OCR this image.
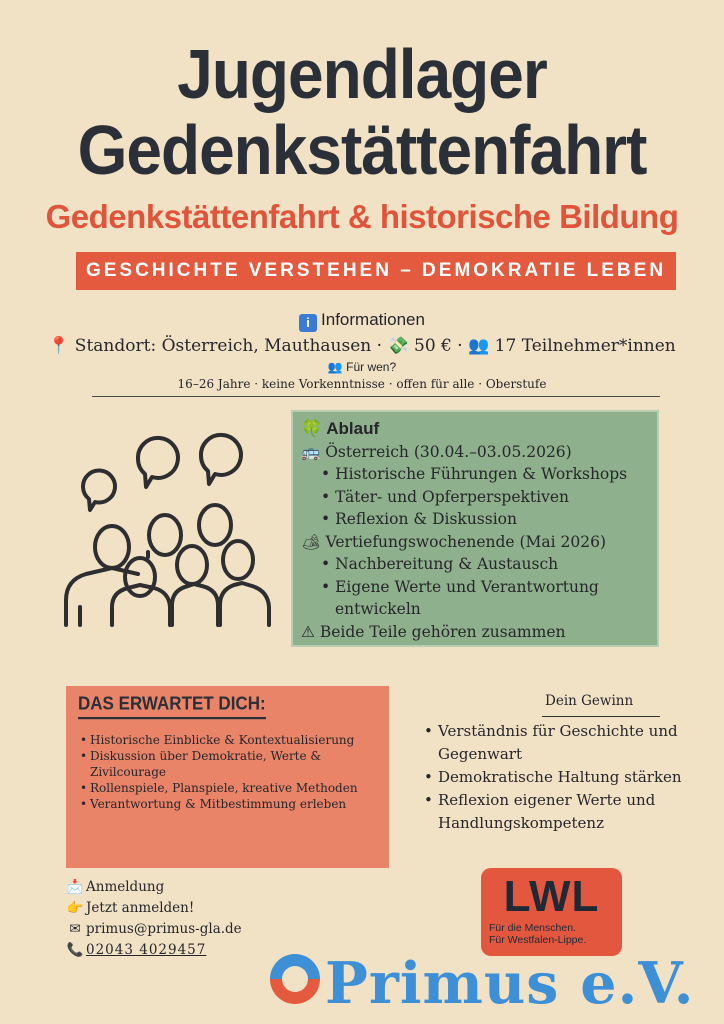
Jugendlager
Gedenkstättenfahrt
Gedenkstättenfahrt & historische Bildung
GESCHICHTE VERSTEHEN – DEMOKRATIE LEBEN
i Informationen
📍 Standort: Österreich, Mauthausen · 💸 50 € · 👥 17 Teilnehmer*innen
👥 Für wen?
16–26 Jahre · keine Vorkenntnisse · offen für alle · Oberstufe
🍀 Ablauf
🚌 Österreich (30.04.–03.05.2026)
• Historische Führungen & Workshops
• Täter- und Opferperspektiven
• Reflexion & Diskussion
🏕 Vertiefungswochenende (Mai 2026)
• Nachbereitung & Austausch
• Eigene Werte und Verantwortung
entwickeln
⚠ Beide Teile gehören zusammen
DAS ERWARTET DICH:
• Historische Einblicke & Kontextualisierung
• Diskussion über Demokratie, Werte & Zivilcourage
• Rollenspiele, Planspiele, kreative Methoden
• Verantwortung & Mitbestimmung erleben
Dein Gewinn
• Verständnis für Geschichte und Gegenwart
• Demokratische Haltung stärken
• Reflexion eigener Werte und Handlungskompetenz
📩 Anmeldung
👉 Jetzt anmelden!
✉ primus@primus-gla.de
📞 02043 4029457
LWL
Für die Menschen.
Für Westfalen-Lippe.
Primus e.V.
